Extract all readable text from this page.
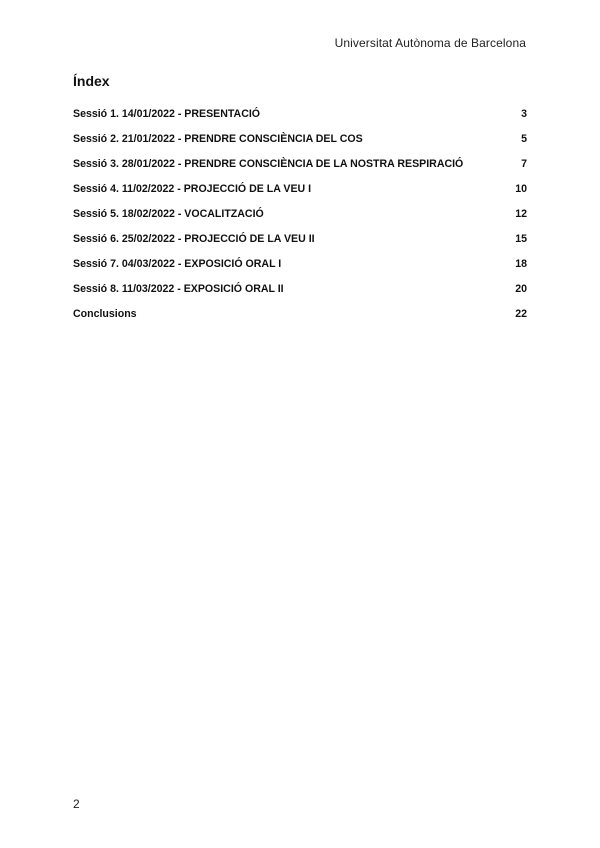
Universitat Autònoma de Barcelona
Índex
Sessió 1. 14/01/2022 - PRESENTACIÓ	3
Sessió 2. 21/01/2022 - PRENDRE CONSCIÈNCIA DEL COS	5
Sessió 3. 28/01/2022 - PRENDRE CONSCIÈNCIA DE LA NOSTRA RESPIRACIÓ	7
Sessió 4. 11/02/2022 - PROJECCIÓ DE LA VEU I	10
Sessió 5. 18/02/2022 - VOCALITZACIÓ	12
Sessió 6. 25/02/2022 - PROJECCIÓ DE LA VEU II	15
Sessió 7. 04/03/2022 - EXPOSICIÓ ORAL I	18
Sessió 8. 11/03/2022 - EXPOSICIÓ ORAL II	20
Conclusions	22
2
